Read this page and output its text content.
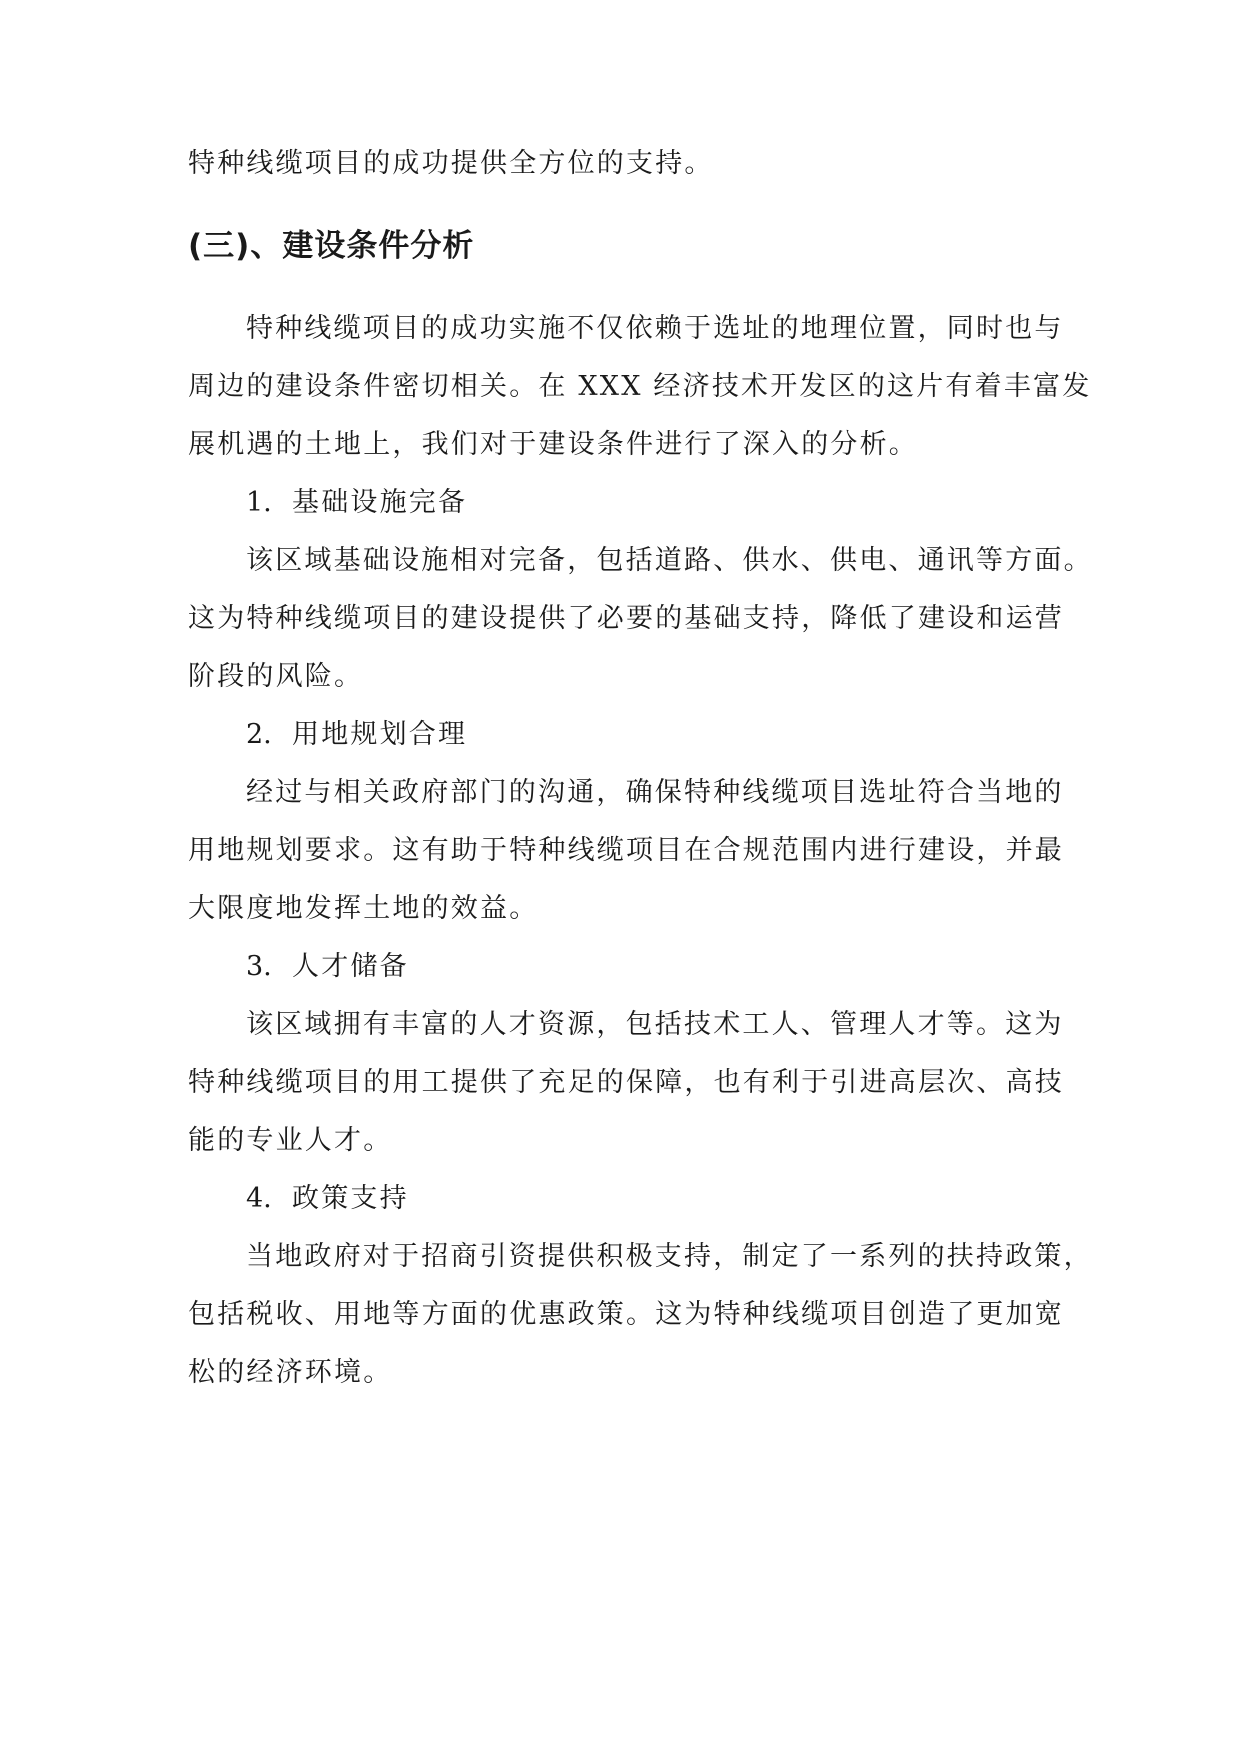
特种线缆项目的成功提供全方位的支持。
(三)、建设条件分析
特种线缆项目的成功实施不仅依赖于选址的地理位置，同时也与
周边的建设条件密切相关。在 XXX 经济技术开发区的这片有着丰富发
展机遇的土地上，我们对于建设条件进行了深入的分析。
1. 基础设施完备
该区域基础设施相对完备，包括道路、供水、供电、通讯等方面。
这为特种线缆项目的建设提供了必要的基础支持，降低了建设和运营
阶段的风险。
2. 用地规划合理
经过与相关政府部门的沟通，确保特种线缆项目选址符合当地的
用地规划要求。这有助于特种线缆项目在合规范围内进行建设，并最
大限度地发挥土地的效益。
3. 人才储备
该区域拥有丰富的人才资源，包括技术工人、管理人才等。这为
特种线缆项目的用工提供了充足的保障，也有利于引进高层次、高技
能的专业人才。
4. 政策支持
当地政府对于招商引资提供积极支持，制定了一系列的扶持政策，
包括税收、用地等方面的优惠政策。这为特种线缆项目创造了更加宽
松的经济环境。
